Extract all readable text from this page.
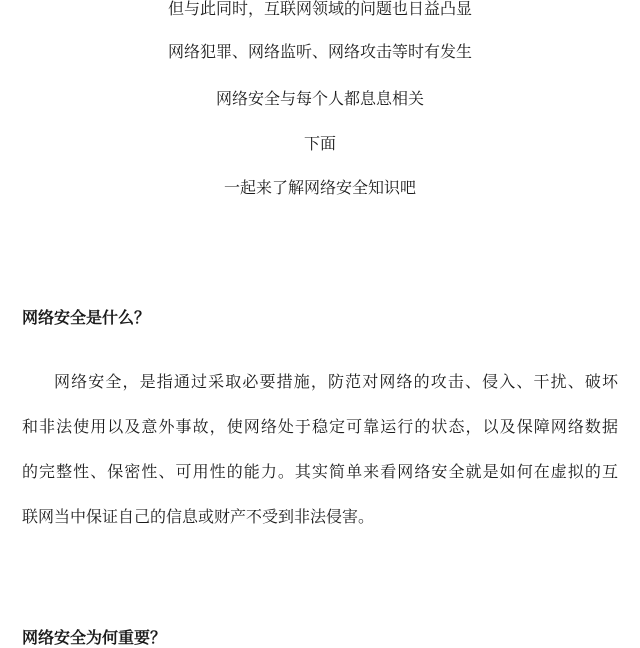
但与此同时，互联网领域的问题也日益凸显
网络犯罪、网络监听、网络攻击等时有发生
网络安全与每个人都息息相关
下面
一起来了解网络安全知识吧
网络安全是什么？
网络安全，是指通过采取必要措施，防范对网络的攻击、侵入、干扰、破坏
和非法使用以及意外事故，使网络处于稳定可靠运行的状态，以及保障网络数据
的完整性、保密性、可用性的能力。其实简单来看网络安全就是如何在虚拟的互
联网当中保证自己的信息或财产不受到非法侵害。
网络安全为何重要？
